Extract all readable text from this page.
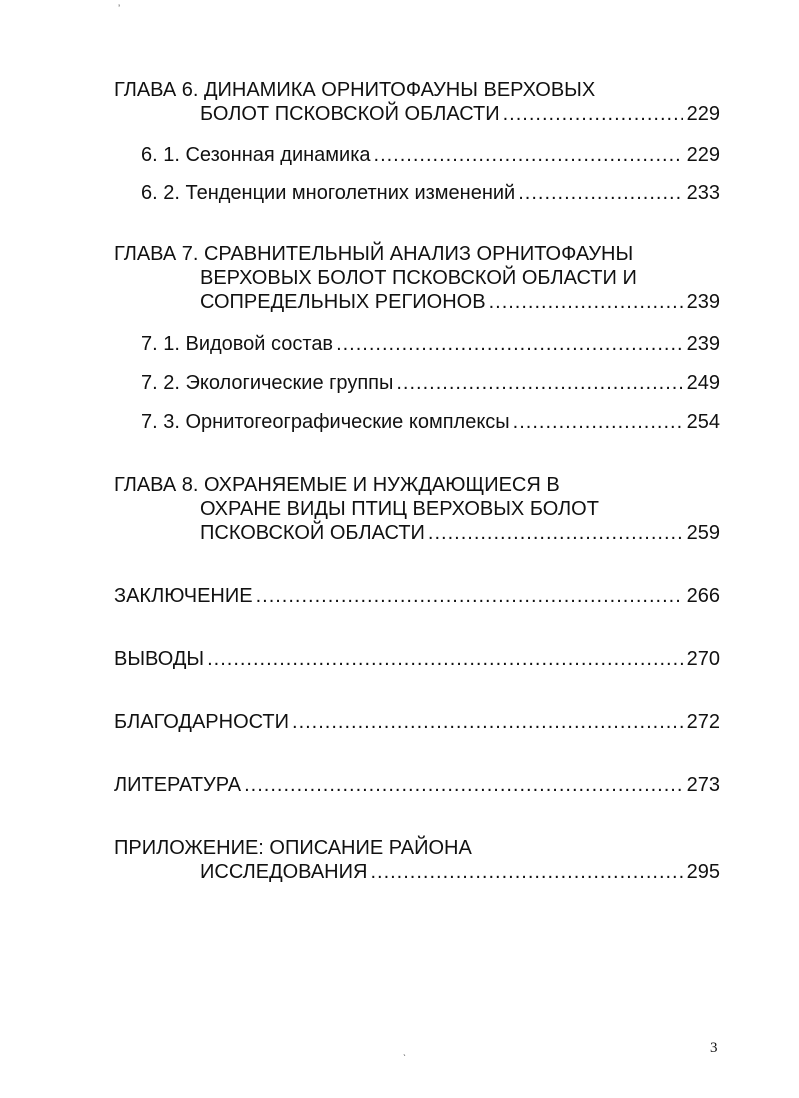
ГЛАВА 6. ДИНАМИКА ОРНИТОФАУНЫ ВЕРХОВЫХ
БОЛОТ ПСКОВСКОЙ ОБЛАСТИ .....	229
6. 1. Сезонная динамика .....	229
6. 2. Тенденции многолетних изменений .....	233
ГЛАВА 7. СРАВНИТЕЛЬНЫЙ АНАЛИЗ ОРНИТОФАУНЫ
ВЕРХОВЫХ БОЛОТ ПСКОВСКОЙ ОБЛАСТИ И
СОПРЕДЕЛЬНЫХ РЕГИОНОВ .....	239
7. 1. Видовой состав .....	239
7. 2. Экологические группы .....	249
7. 3. Орнитогеографические комплексы .....	254
ГЛАВА 8. ОХРАНЯЕМЫЕ И НУЖДАЮЩИЕСЯ В
ОХРАНЕ ВИДЫ ПТИЦ ВЕРХОВЫХ БОЛОТ
ПСКОВСКОЙ ОБЛАСТИ .....	259
ЗАКЛЮЧЕНИЕ .....	266
ВЫВОДЫ .....	270
БЛАГОДАРНОСТИ .....	272
ЛИТЕРАТУРА .....	273
ПРИЛОЖЕНИЕ: ОПИСАНИЕ РАЙОНА
ИССЛЕДОВАНИЯ .....	295
ʼ
ˎ	3
